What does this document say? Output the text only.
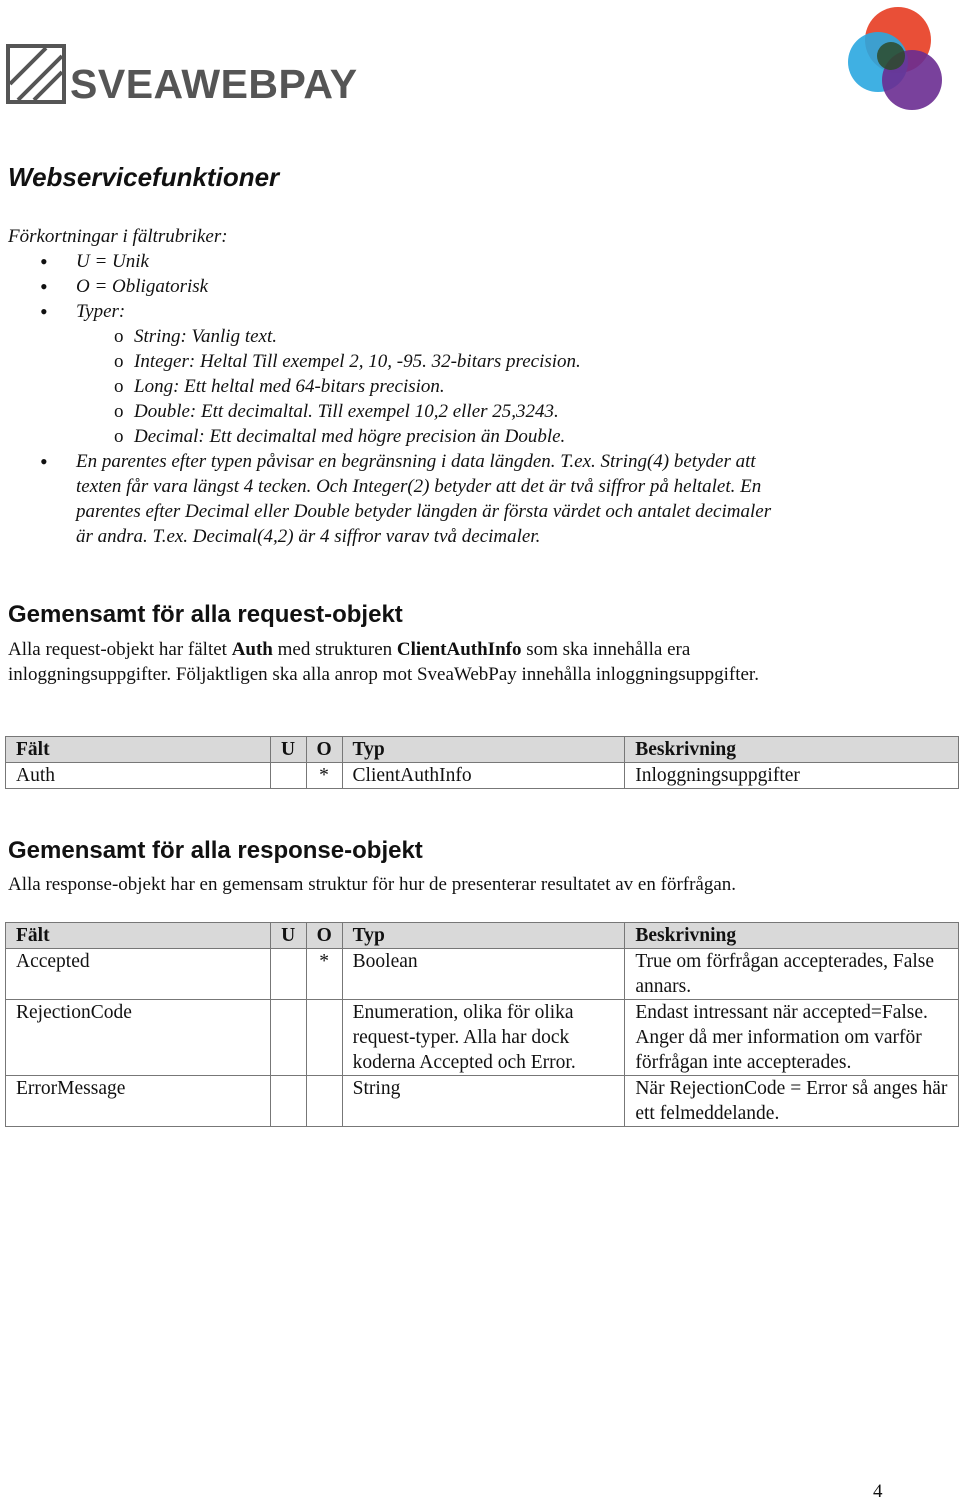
SVEAWEBPAY
Webservicefunktioner

Förkortningar i fältrubriker:

• U = Unik

• O = Obligatorisk

• Typer:

o String: Vanlig text.

o Integer: Heltal Till exempel 2, 10, -95. 32-bitars precision.

o Long: Ett heltal med 64-bitars precision.

o Double: Ett decimaltal. Till exempel 10,2 eller 25,3243.

o Decimal: Ett decimaltal med högre precision än Double.

• En parentes efter typen påvisar en begränsning i data längden. T.ex. String(4) betyder att
texten får vara längst 4 tecken. Och Integer(2) betyder att det är två siffror på heltalet. En
parentes efter Decimal eller Double betyder längden är första värdet och antalet decimaler
är andra. T.ex. Decimal(4,2) är 4 siffror varav två decimaler.
Gemensamt för alla request-objekt
Alla request-objekt har fältet Auth med strukturen ClientAuthInfo som ska innehålla era
inloggningsuppgifter. Följaktligen ska alla anrop mot SveaWebPay innehålla inloggningsuppgifter.
Fält	U	O	Typ	Beskrivning
Auth		*	ClientAuthInfo	Inloggningsuppgifter
Gemensamt för alla response-objekt
Alla response-objekt har en gemensam struktur för hur de presenterar resultatet av en förfrågan.
Fält	U	O	Typ	Beskrivning
Accepted		*	Boolean	True om förfrågan accepterades, False annars.
RejectionCode			Enumeration, olika för olika request-typer. Alla har dock koderna Accepted och Error.	Endast intressant när accepted=False. Anger då mer information om varför förfrågan inte accepterades.
ErrorMessage			String	När RejectionCode = Error så anges här ett felmeddelande.
4
